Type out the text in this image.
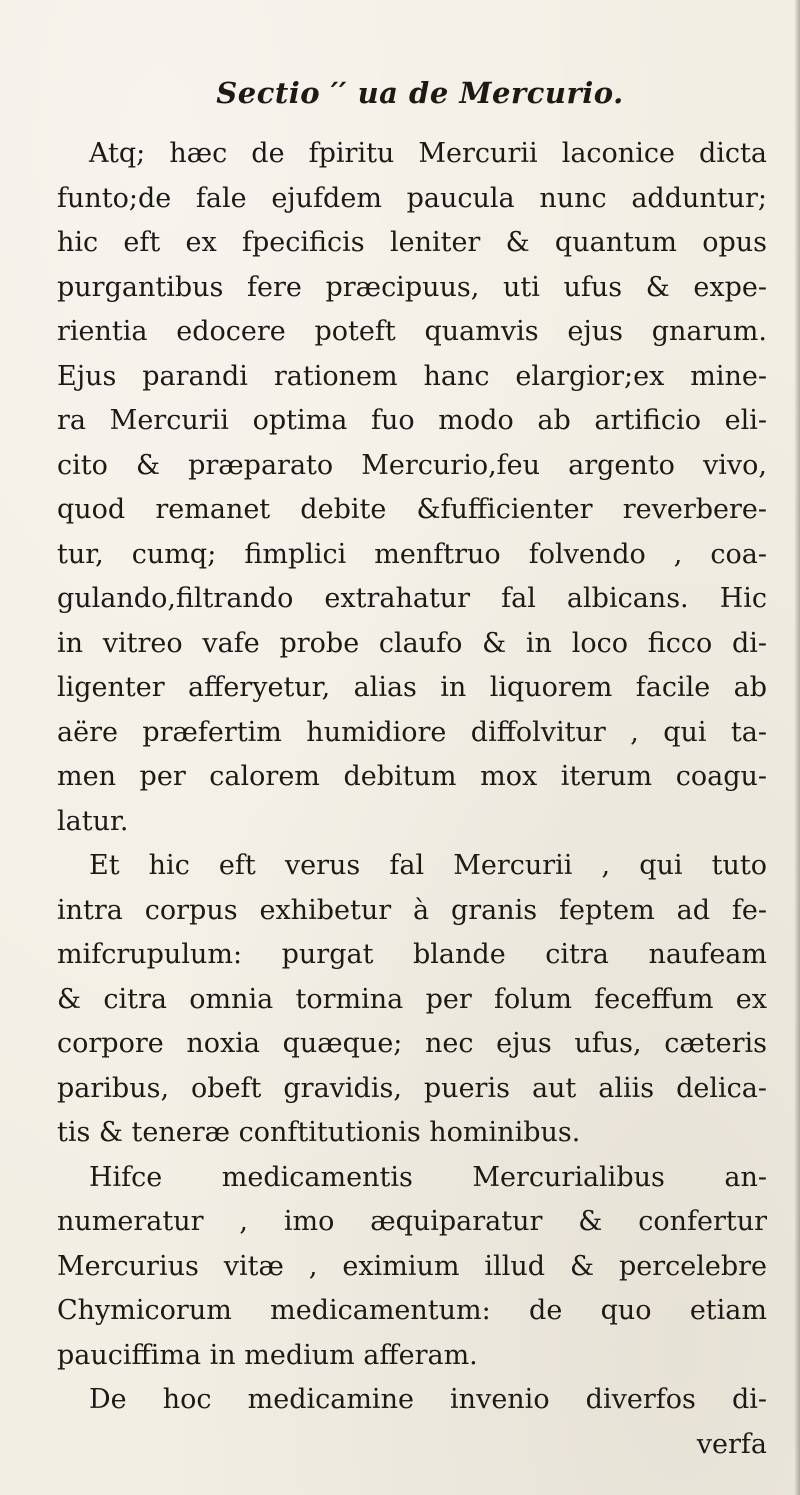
Sectio ′′ ua de Mercurio.
Atq; hæc de fpiritu Mercurii laconice dicta
funto;de fale ejufdem paucula nunc adduntur;
hic eft ex fpecificis leniter & quantum opus
purgantibus fere præcipuus, uti ufus & expe-
rientia edocere poteft quamvis ejus gnarum.
Ejus parandi rationem hanc elargior;ex mine-
ra Mercurii optima fuo modo ab artificio eli-
cito & præparato Mercurio,feu argento vivo,
quod remanet debite &fufficienter reverbere-
tur, cumq; fimplici menftruo folvendo , coa-
gulando,filtrando extrahatur fal albicans. Hic
in vitreo vafe probe claufo & in loco ficco di-
ligenter afferyetur, alias in liquorem facile ab
aëre præfertim humidiore diffolvitur , qui ta-
men per calorem debitum mox iterum coagu-
latur.
Et hic eft verus fal Mercurii , qui tuto
intra corpus exhibetur à granis feptem ad fe-
mifcrupulum: purgat blande citra naufeam
& citra omnia tormina per folum feceffum ex
corpore noxia quæque; nec ejus ufus, cæteris
paribus, obeft gravidis, pueris aut aliis delica-
tis & teneræ conftitutionis hominibus.
Hifce medicamentis Mercurialibus an-
numeratur , imo æquiparatur & confertur
Mercurius vitæ , eximium illud & percelebre
Chymicorum medicamentum: de quo etiam
pauciffima in medium afferam.
De hoc medicamine invenio diverfos di-
verfa
